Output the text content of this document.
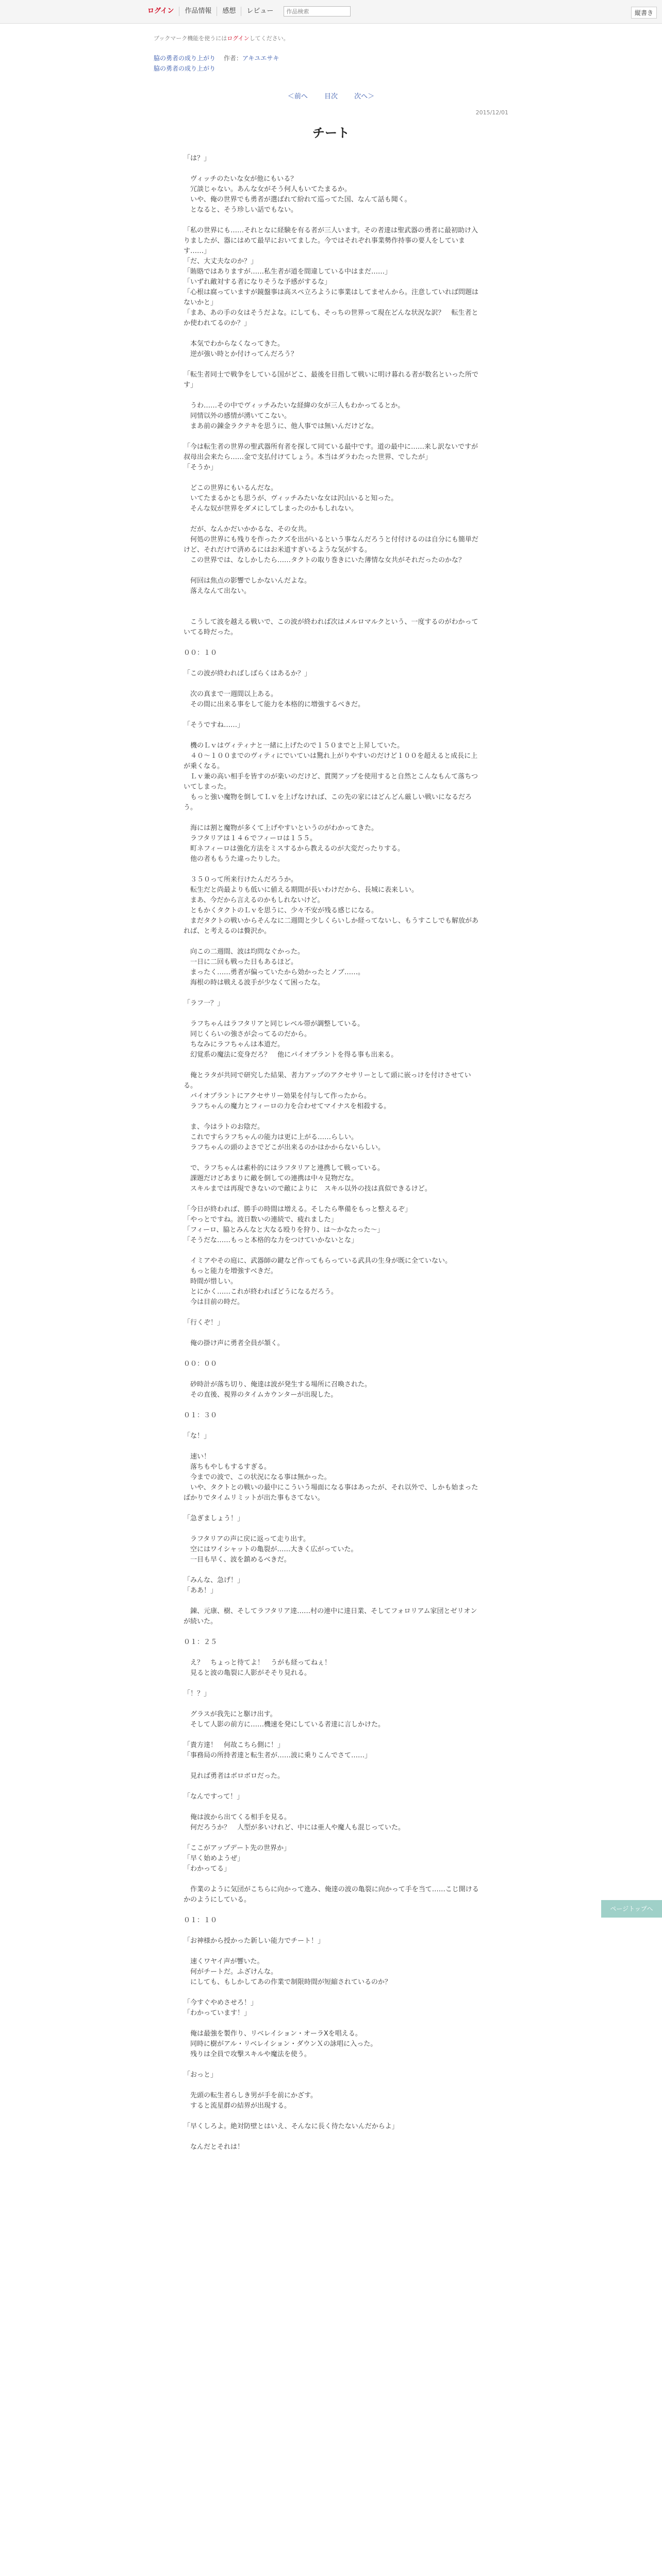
ログイン	作品情報	感想	レビュー
作品検索	縦書き
ブックマーク機能を使うにはログインしてください。
脇の勇者の成り上がり 作者：アキユエサキ
脇の勇者の成り上がり
＜前へ 目次 次へ＞
2015/12/01
チート

「は？」

　ヴィッチのたいな女が他にもいる？

　冗談じゃない。あんな女がそう何人もいてたまるか。

　いや、俺の世界でも勇者が選ばれて紛れて巡ってた国、なんて話も聞く。

　となると、そう珍しい話でもない。

「私の世界にも……それとなに経験を有る者が三人います。その者達は聖武器の勇者に最初助け入りましたが、器にはめて最早においてました。今ではそれぞれ事業勢作持事の要人をしています……」

「だ、大丈夫なのか？」

「賄賂ではありますが……私生者が道を間違している中はまだ……」

「いずれ敵対する者になりそうな予感がするな」

「心根は腐っていますが鏡盤事は高スペ立ろように事業はしてませんから。注意していれば問題はないかと」

「まあ、あの手の女はそうだよな。にしても、そっちの世界って現在どんな状況な訳？　転生者とか使われてるのか？」

　本気でわからなくなってきた。

　逆が強い時とか付けってんだろう？

「転生者同士で戦争をしている国がどこ、最後を目指して戦いに明け暮れる者が数名といった所です」

　うわ……その中でヴィッチみたいな経緯の女が三人もわかってるとか。

　同情以外の感情が湧いてこない。

　まあ前の錬金ラクテキを思うに、他人事では無いんだけどな。

「今は転生者の世界の聖武器所有者を探して同ている最中です。道の最中に……来し訳ないですが叔母出会来たら……金で支払付けてしょう。本当はダラわたった世界、でしたが」

「そうか」

　どこの世界にもいるんだな。

　いてたまるかとも思うが、ヴィッチみたいな女は沢山いると知った。

　そんな奴が世界をダメにしてしまったのかもしれない。

　だが、なんかだいかかるな、その女共。

　何処の世界にも残りを作ったクズを出がいるという事なんだろうと付付けるのは自分にも簡単だけど、それだけで済めるにはお米道すぎいるような気がする。

　この世界では、なしかしたら……タクトの取り巻きにいた薄情な女共がそれだったのかな？

　何回は焦点の影響でしかないんだよな。

　落えなんて出ない。

　こうして波を越える戦いで、この波が終われば次はメルロマルクという、一度するのがわかっていてる時だった。

００：１０

「この波が終わればしばらくはあるか？」

　次の真まで一週間以上ある。

　その間に出来る事をして能力を本格的に増強するべきだ。

「そうですね……」

　機のＬｖはヴィティナと一緒に上げたので１５０までと上昇していた。

　４０～１００までのヴィティにでいていは驚れ上がりやすいのだけど１００を超えると成長に上が乗くなる。

　Ｌｖ兼の高い相手を皆すのが楽いのだけど、貫関アップを使用すると自然とこんなもんて落ちついてしまった。

　もっと強い魔物を倒してＬｖを上げなければ、この先の家にはどんどん厳しい戦いになるだろう。

　海には割と魔物が多くて上げやすいというのがわかってきた。

　ラフタリアは１４６でフィーロは１５５。

　町ネフィーロは強化方法をミスするから教えるのが大変だったりする。

　他の者ももうた違ったりした。

　３５０って所来行けたんだろうか。

　転生だと尚最よりも低いに値える期間が長いわけだから、長城に表来しい。

　まあ、今だから言えるのかもしれないけど。

　ともかくタクトのＬｖを思うに、少々不安が残る感じになる。

　まだタクトの戦いからそんなに二週間と少しくらいしか経ってないし、もうすこしでも解放があれば、と考えるのは贅沢か。

　向この二週間、波は均問なぐかった。

　一日に二回も戦った日もあるほど。

　まったく……勇者が偏っていたから効かったとノブ……。

　海根の時は戦える波手が少なくて困ったな。

「ラフ一？」

　ラフちゃんはラフタリアと同じレベル帯が調整している。

　同じくらいの強さが会ってるのだから。

　ちなみにラフちゃんは本道だ。

　幻覚系の魔法に変身だろ？　他にパイオプラントを得る事も出来る。

　俺とラタが共同で研究した結果、者力アップのアクセサリーとして頭に嵌っけを付けさせている。

　バイオプラントにアクセサリー効果を付与して作ったから。

　ラフちゃんの魔力とフィーロの力を合わせてマイナスを相殺する。

　ま、今はラトのお陰だ。

　これですらラフちゃんの能力は更に上がる……らしい。

　ラフちゃんの頭のよさでどこが出来るのかはかからないらしい。

　で、ラフちゃんは素朴的にはラフタリアと連携して戦っている。

　課題だけどあまりに敵を倒しての連携は中々見物だな。

　スキルまでは再現できないので敵によりに　スキル以外の技は真似できるけど。

「今日が終われば、勝手の時間は増える。そしたら準備をもっと整えるぞ」

「やっとですね。波日数いの連続で、疲れました」

「フィーロ、脇とみんなと大なる殴りを狩り、は～かなたった～」

「そうだな……もっと本格的な力をつけていかないとな」

　イミアやその庭に、武器師の鍵など作ってもらっている武具の生身が既に全ていない。

　もっと能力を増強すべきだ。

　時間が惜しい。

　とにかく……これが終わればどうになるだろう。

　今は目前の時だ。

「行くぞ！」

　俺の掛け声に勇者全員が頷く。

００：００

　砂時計が落ち切り、俺達は波が発生する場所に召喚された。

　その直後、視界のタイムカウンターが出現した。

０１：３０

「な！」

　速い！

　落ちもやしもするすぎる。

　今までの波で、この状況になる事は無かった。

　いや、タクトとの戦いの最中にこういう場面になる事はあったが、それ以外で、しかも始まったばかりでタイムリミットが出た事もさてない。

「急ぎましょう！」

　ラフタリアの声に戻に返って走り出す。

　空にはワイシャットの亀裂が……大きく広がっていた。

　一目も早く、波を鎮めるべきだ。

「みんな、急げ！」

「ああ！」

　錬、元康、樹、そしてラフタリア達……村の連中に達日業、そしてフォロリアム家団とゼリオンが続いた。

０１：２５

　え？　ちょっと待てよ！　うがも経ってねぇ！

　見ると波の亀裂に人影がそそり見れる。

「！？」

　グラスが我先にと駆け出す。

　そして人影の前方に……機速を発にしている者達に言しかけた。

「貴方達！　何故こちら側に！」

「事務局の所持者達と転生者が……波に乗りこんでさて……」

　見れば勇者はボロボロだった。

「なんですって！」

　俺は波から出てくる相手を見る。

　何だろうか？　人型が多いけれど、中には亜人や魔人も混じっていた。

「ここがアップデート先の世界か」

「早く始めようぜ」

「わかってる」

　作業のように気団がこちらに向かって進み、俺達の波の亀裂に向かって手を当て……こじ開けるかのようにしている。

０１：１０

「お神様から授かった新しい能力でチート！」

　速くワヤイ声が響いた。

　何がチートだ。ふざけんな。

　にしても、もしかしてあの作業で制限時間が短縮されているのか？

「今すぐやめさせろ！」

「わかっています！」

　俺は最強を製作り、リベレイション・オーラⅩを唱える。

　同時に樹がアル・リベレイション・ダウンＸの詠唱に入った。

　残りは全員で攻撃スキルや魔法を使う。

「おっと」

　先頭の転生者らしき男が手を前にかざす。

　すると流星群の結界が出現する。

「早くしろよ。絶対防壁とはいえ、そんなに長く待たないんだからよ」

　なんだとそれは！

ページトップへ
